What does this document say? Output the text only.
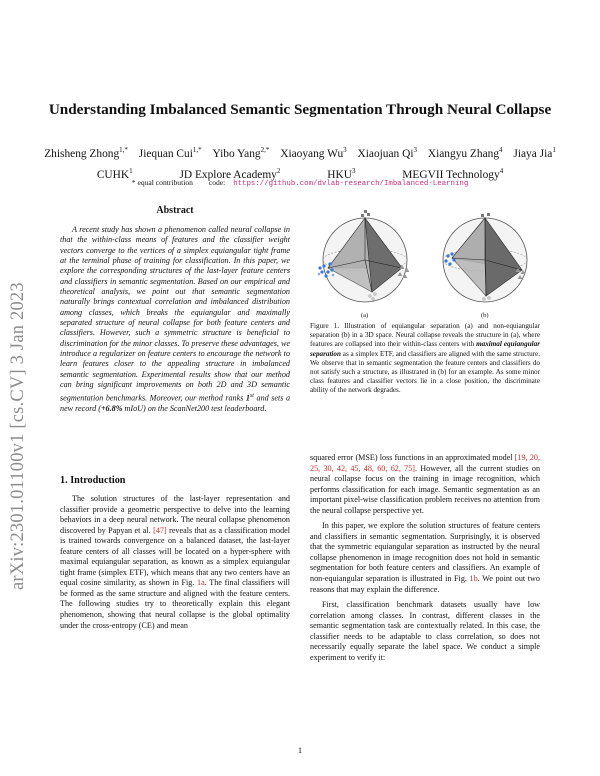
Understanding Imbalanced Semantic Segmentation Through Neural Collapse
Zhisheng Zhong$^{1,*}$ Jiequan Cui$^{1,*}$ Yibo Yang$^{2,*}$ Xiaoyang Wu$^3$ Xiaojuan Qi$^3$ Xiangyu Zhang$^4$ Jiaya Jia$^1$
CUHK$^1$	JD Explore Academy$^2$	HKU$^3$	MEGVII Technology$^4$
* equal contribution code: https://github.com/dvlab-research/Imbalanced-Learning
arXiv:2301.01100v1 [cs.CV] 3 Jan 2023
Abstract
A recent study has shown a phenomenon called neural collapse in that the within-class means of features and the classifier weight vectors converge to the vertices of a simplex equiangular tight frame at the terminal phase of training for classification. In this paper, we explore the corresponding structures of the last-layer feature centers and classifiers in semantic segmentation. Based on our empirical and theoretical analysis, we point out that semantic segmentation naturally brings contextual correlation and imbalanced distribution among classes, which breaks the equiangular and maximally separated structure of neural collapse for both feature centers and classifiers. However, such a symmetric structure is beneficial to discrimination for the minor classes. To preserve these advantages, we introduce a regularizer on feature centers to encourage the network to learn features closer to the appealing structure in imbalanced semantic segmentation. Experimental results show that our method can bring significant improvements on both 2D and 3D semantic segmentation benchmarks. Moreover, our method ranks 1st and sets a new record (+6.8% mIoU) on the ScanNet200 test leaderboard.
1. Introduction
The solution structures of the last-layer representation and classifier provide a geometric perspective to delve into the learning behaviors in a deep neural network. The neural collapse phenomenon discovered by Papyan et al. [47] reveals that as a classification model is trained towards convergence on a balanced dataset, the last-layer feature centers of all classes will be located on a hyper-sphere with maximal equiangular separation, as known as a simplex equiangular tight frame (simplex ETF), which means that any two centers have an equal cosine similarity, as shown in Fig. 1a. The final classifiers will be formed as the same structure and aligned with the feature centers. The following studies try to theoretically explain this elegant phenomenon, showing that neural collapse is the global optimality under the cross-entropy (CE) and mean
(a)	(b)
Figure 1. Illustration of equiangular separation (a) and non-equiangular separation (b) in a 3D space. Neural collapse reveals the structure in (a), where features are collapsed into their within-class centers with maximal equiangular separation as a simplex ETF, and classifiers are aligned with the same structure. We observe that in semantic segmentation the feature centers and classifiers do not satisfy such a structure, as illustrated in (b) for an example. As some minor class features and classifier vectors lie in a close position, the discriminate ability of the network degrades.

squared error (MSE) loss functions in an approximated model [19, 20, 25, 30, 42, 45, 48, 60, 62, 75]. However, all the current studies on neural collapse focus on the training in image recognition, which performs classification for each image. Semantic segmentation as an important pixel-wise classification problem receives no attention from the neural collapse perspective yet.

In this paper, we explore the solution structures of feature centers and classifiers in semantic segmentation. Surprisingly, it is observed that the symmetric equiangular separation as instructed by the neural collapse phenomenon in image recognition does not hold in semantic segmentation for both feature centers and classifiers. An example of non-equiangular separation is illustrated in Fig. 1b. We point out two reasons that may explain the difference.

First, classification benchmark datasets usually have low correlation among classes. In contrast, different classes in the semantic segmentation task are contextually related. In this case, the classifier needs to be adaptable to class correlation, so does not necessarily equally separate the label space. We conduct a simple experiment to verify it:

1
